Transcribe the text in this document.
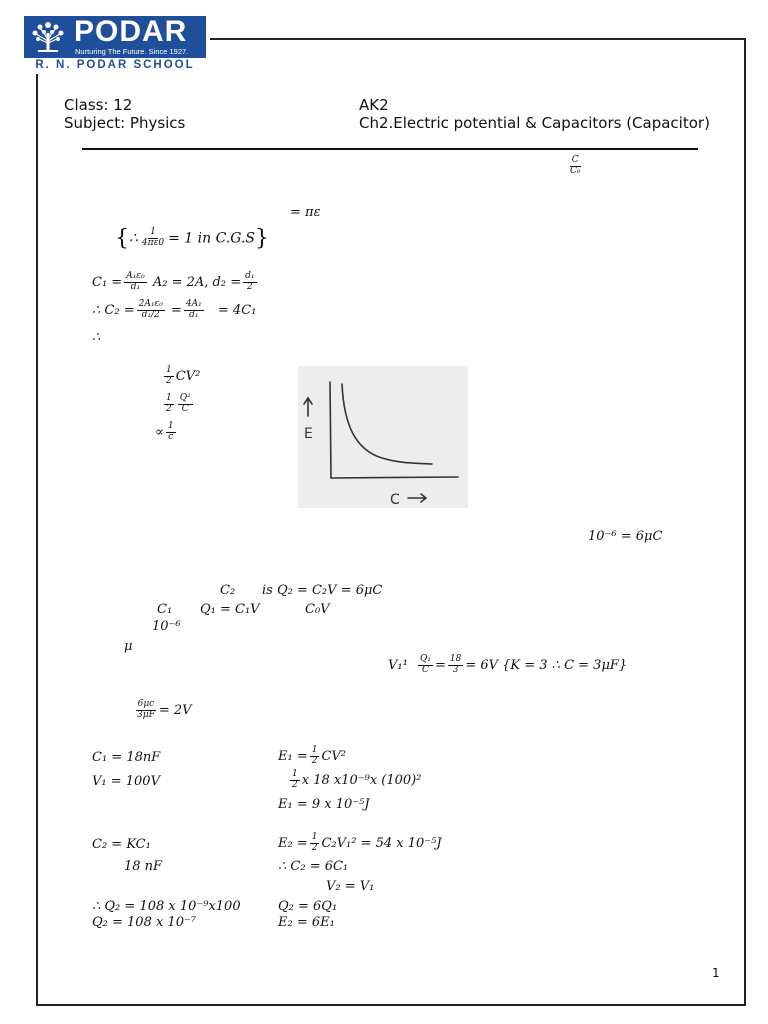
PODAR
Nurturing The Future. Since 1927.
R. N. PODAR SCHOOL
Class: 12
Subject: Physics
AK2
Ch2.Electric potential & Capacitors (Capacitor)
$\frac{C}{\text{C₀}}$
= πε
{∴ $\frac{1}{4\pi\varepsilon 0} = 1$ in C.G.S}
$C_1 = \frac{\text{A₁ε₀}}{\text{d₁}} A_2 = 2A$, $d_2 = \frac{\text{d₁}}{2}$
∴ $C_2 = \frac{\text{2A₁ε₀}}{\text{d₁/2}} = \frac{\text{4A₁}}{\text{d₁}} = 4C_1$
∴
$\frac{1}{2} CV^2$
$\frac{1}{2} \frac{\text{Q²}}{C}$
∝ $\frac{1}{c}$	E
C
10⁻⁶ = 6μC
C₂ is Q₂ = C₂V = 6μC
C₁ Q₁ = C₁V	C₀V
10⁻⁶
μ
$V_1^1 \frac{\text{Q₁}}{C} = \frac{18}{3} = 6V$ {K = 3 ∴ C = 3μF}
$\frac{6\mu c}{3\mu F} = 2V$
C₁ = 18nF
V₁ = 100V
$E_1 = \frac{1}{2} CV^2$
$\frac{1}{2}$ x 18 x10⁻⁹x (100)²
E₁ = 9 x 10⁻⁵J
C₂ = KC₁
18 nF
∴ Q₂ = 108 x 10⁻⁹x100
Q₂ = 108 x 10⁻⁷
$E_2 = \frac{1}{2} C_2V_1^2 = 54$ x 10⁻⁵J
∴ C₂ = 6C₁
V₂ = V₁
Q₂ = 6Q₁
E₂ = 6E₁
1
